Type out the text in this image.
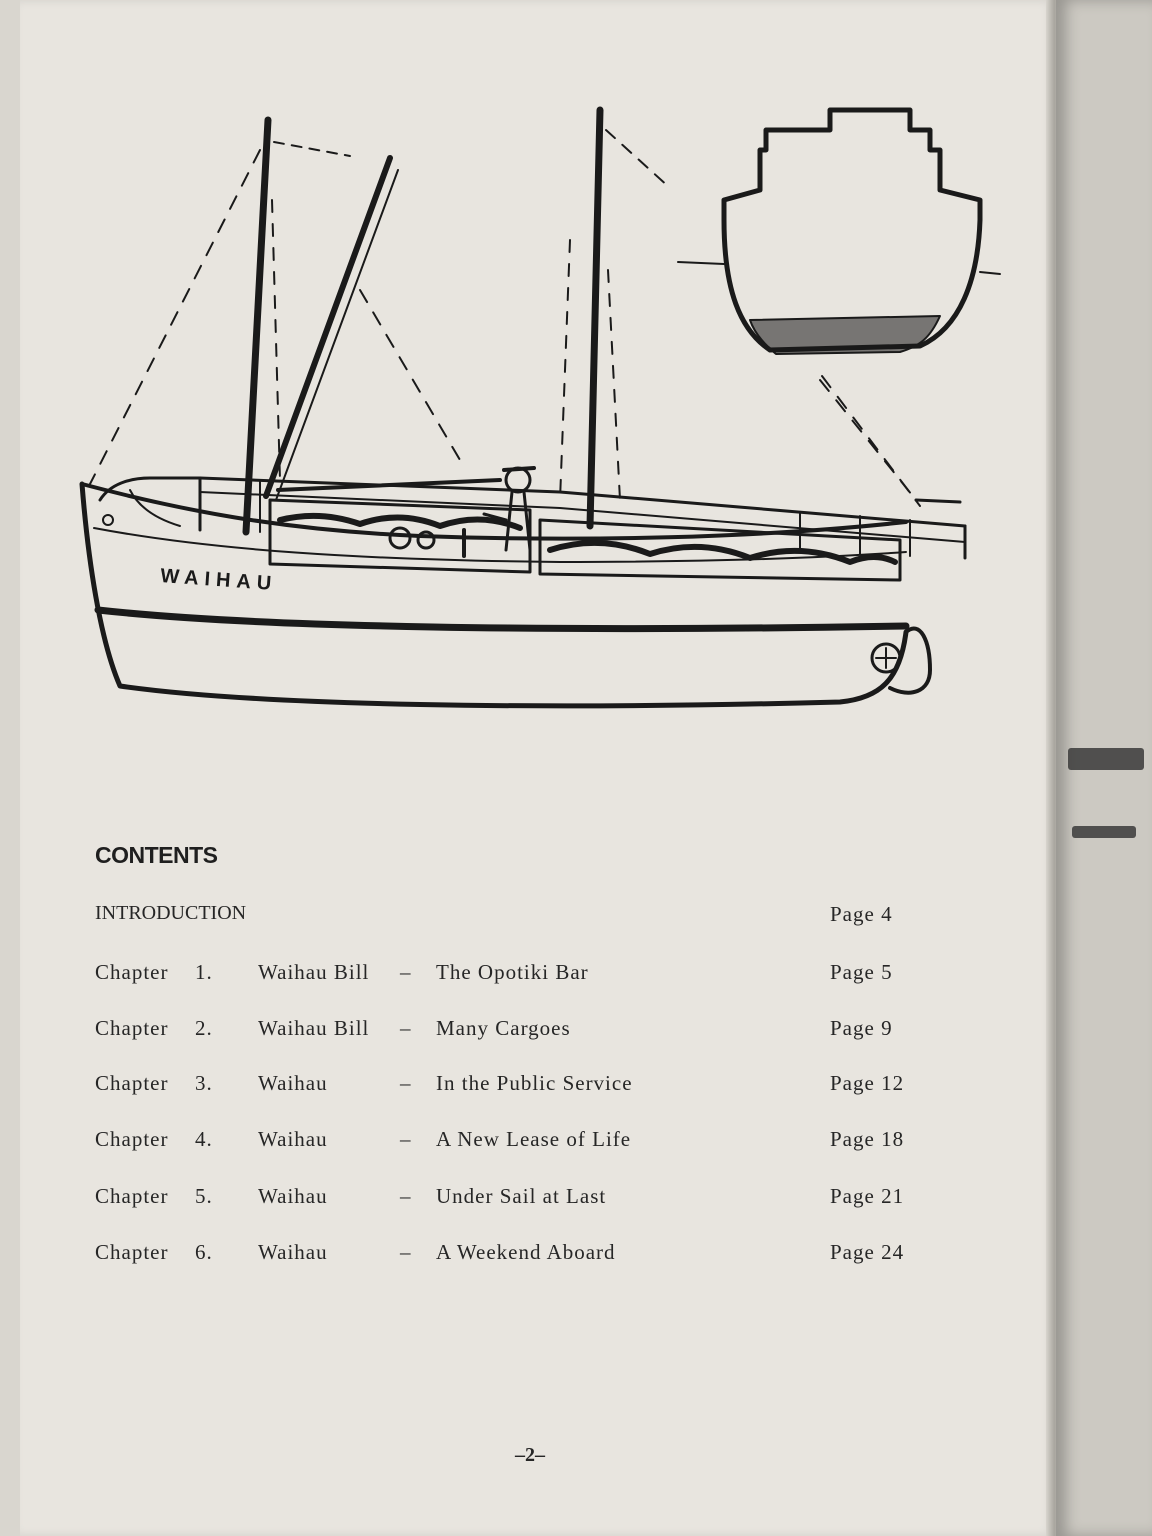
WAIHAU
CONTENTS
INTRODUCTION	Page 4
Chapter 1. Waihau Bill – The Opotiki Bar	Page 5
Chapter 2. Waihau Bill – Many Cargoes	Page 9
Chapter 3. Waihau	– In the Public Service	Page 12
Chapter 4. Waihau	– A New Lease of Life	Page 18
Chapter 5. Waihau	– Under Sail at Last	Page 21
Chapter 6. Waihau	– A Weekend Aboard	Page 24
–2–
